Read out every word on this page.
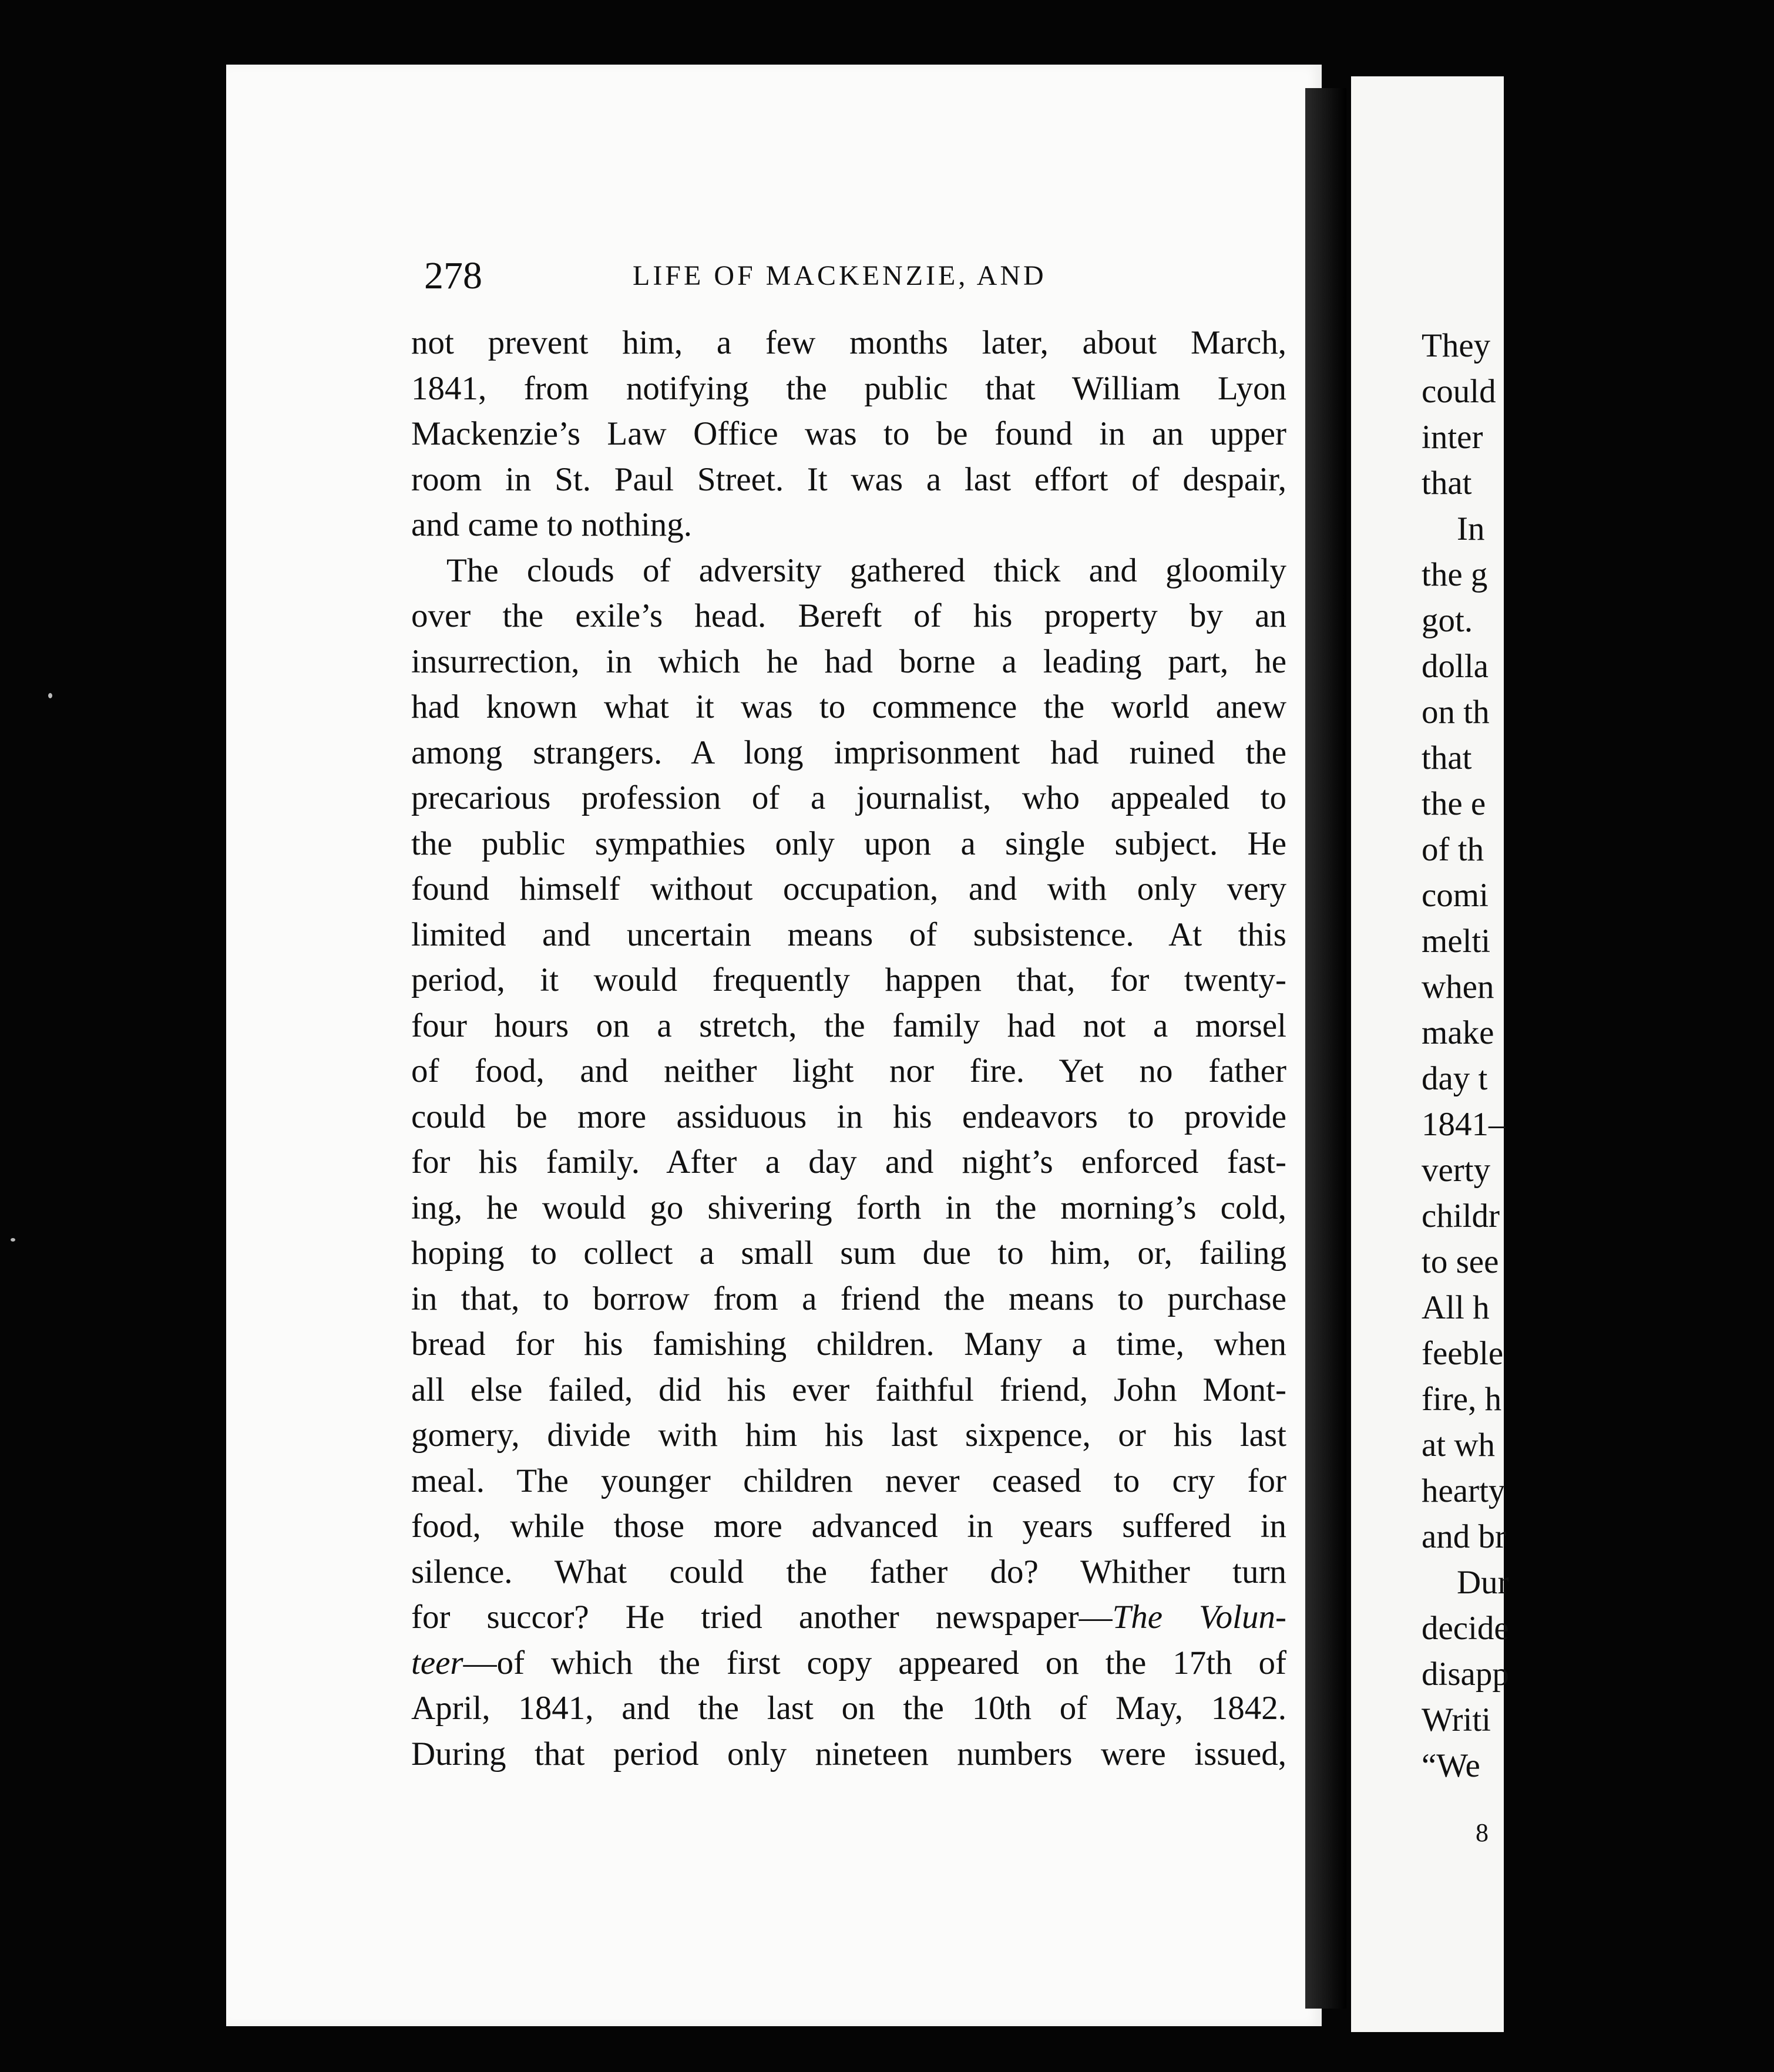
They
could
inter
that
In
the g
got.
dolla
on th
that
the e
of th
comi
melti
when
make
day t
1841–
verty
childr
to see
All h
feeble
fire, h
at wh
hearty
and br
Dur
decide
disapp
Writi
“We
8
278	LIFE OF MACKENZIE, AND
not prevent him, a few months later, about March,
1841, from notifying the public that William Lyon
Mackenzie’s Law Office was to be found in an upper
room in St. Paul Street. It was a last effort of despair,
and came to nothing.
The clouds of adversity gathered thick and gloomily
over the exile’s head. Bereft of his property by an
insurrection, in which he had borne a leading part, he
had known what it was to commence the world anew
among strangers. A long imprisonment had ruined the
precarious profession of a journalist, who appealed to
the public sympathies only upon a single subject. He
found himself without occupation, and with only very
limited and uncertain means of subsistence. At this
period, it would frequently happen that, for twenty-
four hours on a stretch, the family had not a morsel
of food, and neither light nor fire. Yet no father
could be more assiduous in his endeavors to provide
for his family. After a day and night’s enforced fast-
ing, he would go shivering forth in the morning’s cold,
hoping to collect a small sum due to him, or, failing
in that, to borrow from a friend the means to purchase
bread for his famishing children. Many a time, when
all else failed, did his ever faithful friend, John Mont-
gomery, divide with him his last sixpence, or his last
meal. The younger children never ceased to cry for
food, while those more advanced in years suffered in
silence. What could the father do? Whither turn
for succor? He tried another newspaper—The Volun-
teer—of which the first copy appeared on the 17th of
April, 1841, and the last on the 10th of May, 1842.
During that period only nineteen numbers were issued,
